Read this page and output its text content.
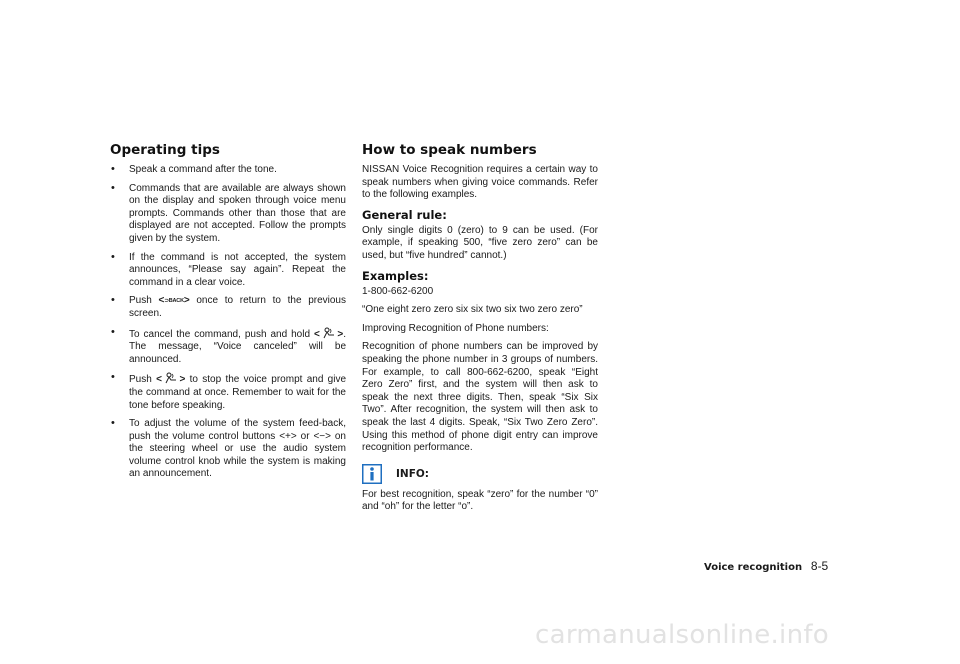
Operating tips
• Speak a command after the tone.
• Commands that are available are always shown on the display and spoken through voice menu prompts. Commands other than those that are displayed are not accepted. Follow the prompts given by the system.
• If the command is not accepted, the system announces, “Please say again”. Repeat the command in a clear voice.
• Push <⊃BACK> once to return to the previous screen.
• To cancel the command, push and hold <  >. The message, “Voice canceled” will be announced.
• Push <  > to stop the voice prompt and give the command at once. Remember to wait for the tone before speaking.
• To adjust the volume of the system feed-back, push the volume control buttons <+> or <−> on the steering wheel or use the audio system volume control knob while the system is making an announcement.
How to speak numbers

NISSAN Voice Recognition requires a certain way to speak numbers when giving voice commands. Refer to the following examples.

General rule:

Only single digits 0 (zero) to 9 can be used. (For example, if speaking 500, “five zero zero” can be used, but “five hundred” cannot.)

Examples:

1-800-662-6200

“One eight zero zero six six two six two zero zero”

Improving Recognition of Phone numbers:

Recognition of phone numbers can be improved by speaking the phone number in 3 groups of numbers. For example, to call 800-662-6200, speak “Eight Zero Zero” first, and the system will then ask to speak the next three digits. Then, speak “Six Six Two”. After recognition, the system will then ask to speak the last 4 digits. Speak, “Six Two Zero Zero”. Using this method of phone digit entry can improve recognition performance.

INFO:

For best recognition, speak “zero” for the number “0” and “oh” for the letter “o”.

Voice recognition 8-5
carmanualsonline.info
